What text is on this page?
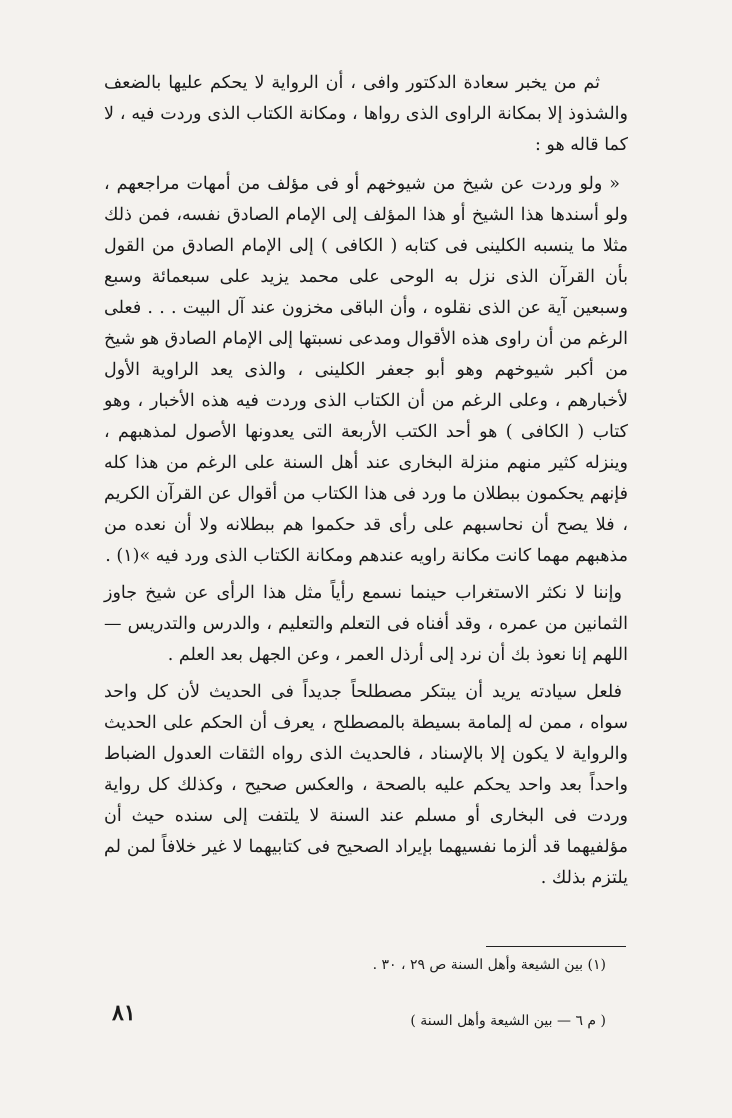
ثم من يخبر سعادة الدكتور وافى ، أن الرواية لا يحكم عليها بالضعف والشذوذ إلا بمكانة الراوى الذى رواها ، ومكانة الكتاب الذى وردت فيه ، لا كما قاله هو :

« ولو وردت عن شيخ من شيوخهم أو فى مؤلف من أمهات مراجعهم ، ولو أسندها هذا الشيخ أو هذا المؤلف إلى الإمام الصادق نفسه، فمن ذلك مثلا ما ينسبه الكلينى فى كتابه ( الكافى ) إلى الإمام الصادق من القول بأن القرآن الذى نزل به الوحى على محمد يزيد على سبعمائة وسبع وسبعين آية عن الذى نقلوه ، وأن الباقى مخزون عند آل البيت . . . فعلى الرغم من أن راوى هذه الأقوال ومدعى نسبتها إلى الإمام الصادق هو شيخ من أكبر شيوخهم وهو أبو جعفر الكلينى ، والذى يعد الراوية الأول لأخبارهم ، وعلى الرغم من أن الكتاب الذى وردت فيه هذه الأخبار ، وهو كتاب ( الكافى ) هو أحد الكتب الأربعة التى يعدونها الأصول لمذهبهم ، وينزله كثير منهم منزلة البخارى عند أهل السنة على الرغم من هذا كله فإنهم يحكمون ببطلان ما ورد فى هذا الكتاب من أقوال عن القرآن الكريم ، فلا يصح أن نحاسبهم على رأى قد حكموا هم ببطلانه ولا أن نعده من مذهبهم مهما كانت مكانة راويه عندهم ومكانة الكتاب الذى ورد فيه »(١) .

وإننا لا نكثر الاستغراب حينما نسمع رأياً مثل هذا الرأى عن شيخ جاوز الثمانين من عمره ، وقد أفناه فى التعلم والتعليم ، والدرس والتدريس — اللهم إنا نعوذ بك أن نرد إلى أرذل العمر ، وعن الجهل بعد العلم .

فلعل سيادته يريد أن يبتكر مصطلحاً جديداً فى الحديث لأن كل واحد سواه ، ممن له إلمامة بسيطة بالمصطلح ، يعرف أن الحكم على الحديث والرواية لا يكون إلا بالإسناد ، فالحديث الذى رواه الثقات العدول الضباط واحداً بعد واحد يحكم عليه بالصحة ، والعكس صحيح ، وكذلك كل رواية وردت فى البخارى أو مسلم عند السنة لا يلتفت إلى سنده حيث أن مؤلفيهما قد ألزما نفسيهما بإيراد الصحيح فى كتابيهما لا غير خلافاً لمن لم يلتزم بذلك .

(١) بين الشيعة وأهل السنة ص ٢٩ ، ٣٠ .
٨١	( م ٦ — بين الشيعة وأهل السنة )
